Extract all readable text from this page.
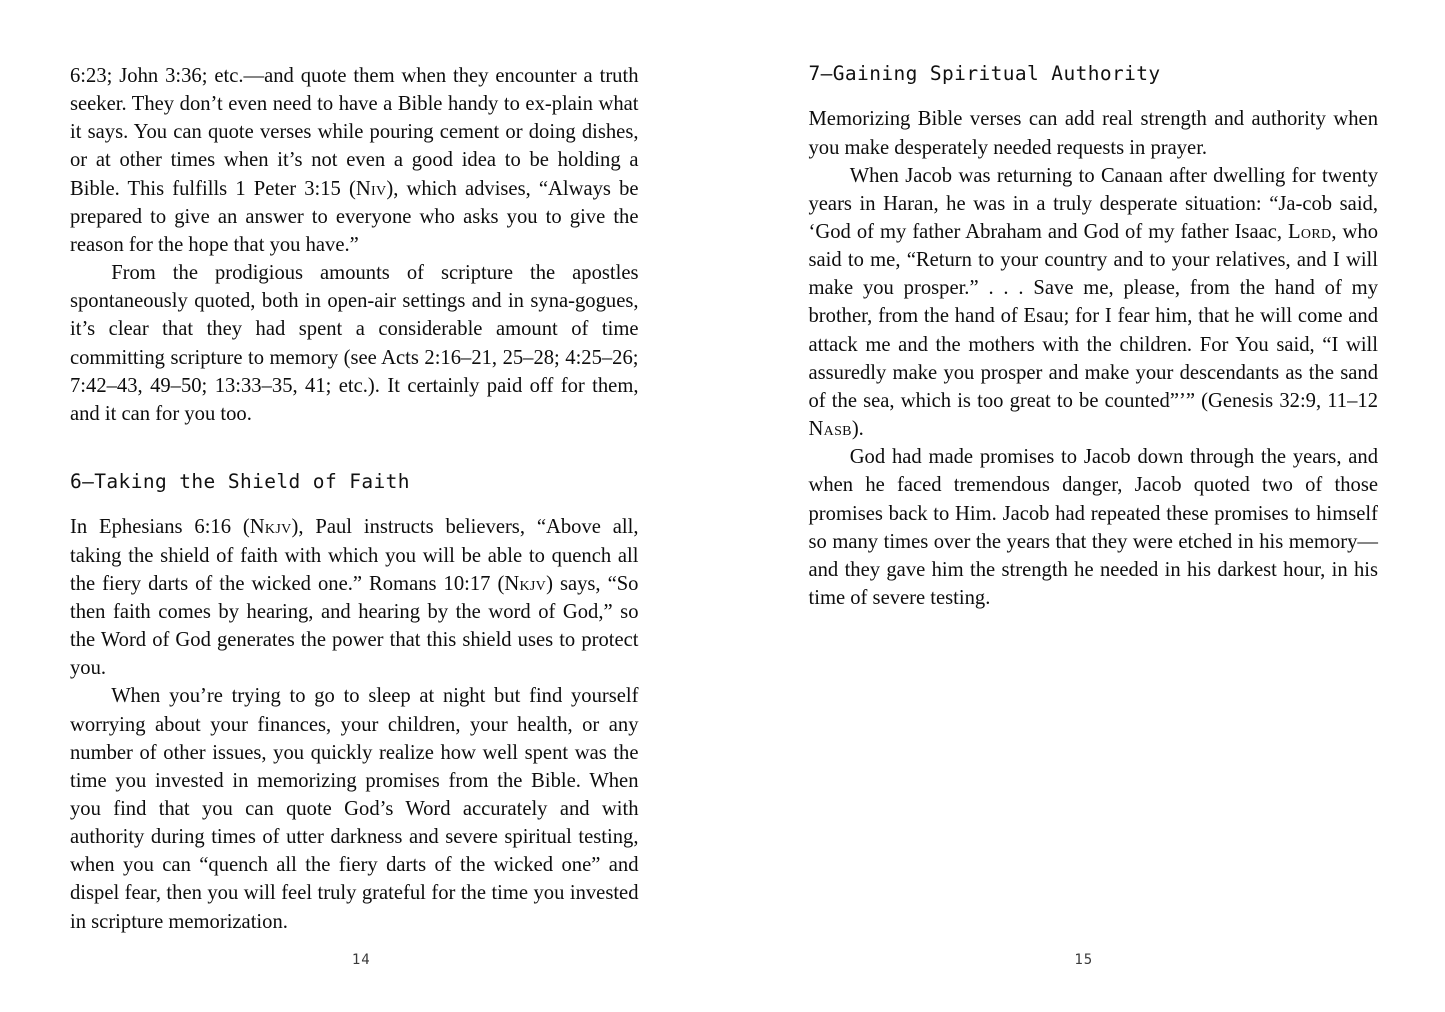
6:23; John 3:36; etc.—and quote them when they encounter a truth seeker. They don’t even need to have a Bible handy to ex-plain what it says. You can quote verses while pouring cement or doing dishes, or at other times when it’s not even a good idea to be holding a Bible. This fulfills 1 Peter 3:15 (Niv), which advises, “Always be prepared to give an answer to everyone who asks you to give the reason for the hope that you have.”

From the prodigious amounts of scripture the apostles spontaneously quoted, both in open-air settings and in syna-gogues, it’s clear that they had spent a considerable amount of time committing scripture to memory (see Acts 2:16–21, 25–28; 4:25–26; 7:42–43, 49–50; 13:33–35, 41; etc.). It certainly paid off for them, and it can for you too.

6—Taking the Shield of Faith

In Ephesians 6:16 (Nkjv), Paul instructs believers, “Above all, taking the shield of faith with which you will be able to quench all the fiery darts of the wicked one.” Romans 10:17 (Nkjv) says, “So then faith comes by hearing, and hearing by the word of God,” so the Word of God generates the power that this shield uses to protect you.

When you’re trying to go to sleep at night but find yourself worrying about your finances, your children, your health, or any number of other issues, you quickly realize how well spent was the time you invested in memorizing promises from the Bible. When you find that you can quote God’s Word accurately and with authority during times of utter darkness and severe spiritual testing, when you can “quench all the fiery darts of the wicked one” and dispel fear, then you will feel truly grateful for the time you invested in scripture memorization.

14
7—Gaining Spiritual Authority

Memorizing Bible verses can add real strength and authority when you make desperately needed requests in prayer.

When Jacob was returning to Canaan after dwelling for twenty years in Haran, he was in a truly desperate situation: “Ja-cob said, ‘God of my father Abraham and God of my father Isaac, Lord, who said to me, “Return to your country and to your relatives, and I will make you prosper.” . . . Save me, please, from the hand of my brother, from the hand of Esau; for I fear him, that he will come and attack me and the mothers with the children. For You said, “I will assuredly make you prosper and make your descendants as the sand of the sea, which is too great to be counted”’” (Genesis 32:9, 11–12 Nasb).

God had made promises to Jacob down through the years, and when he faced tremendous danger, Jacob quoted two of those promises back to Him. Jacob had repeated these promises to himself so many times over the years that they were etched in his memory—and they gave him the strength he needed in his darkest hour, in his time of severe testing.

15
